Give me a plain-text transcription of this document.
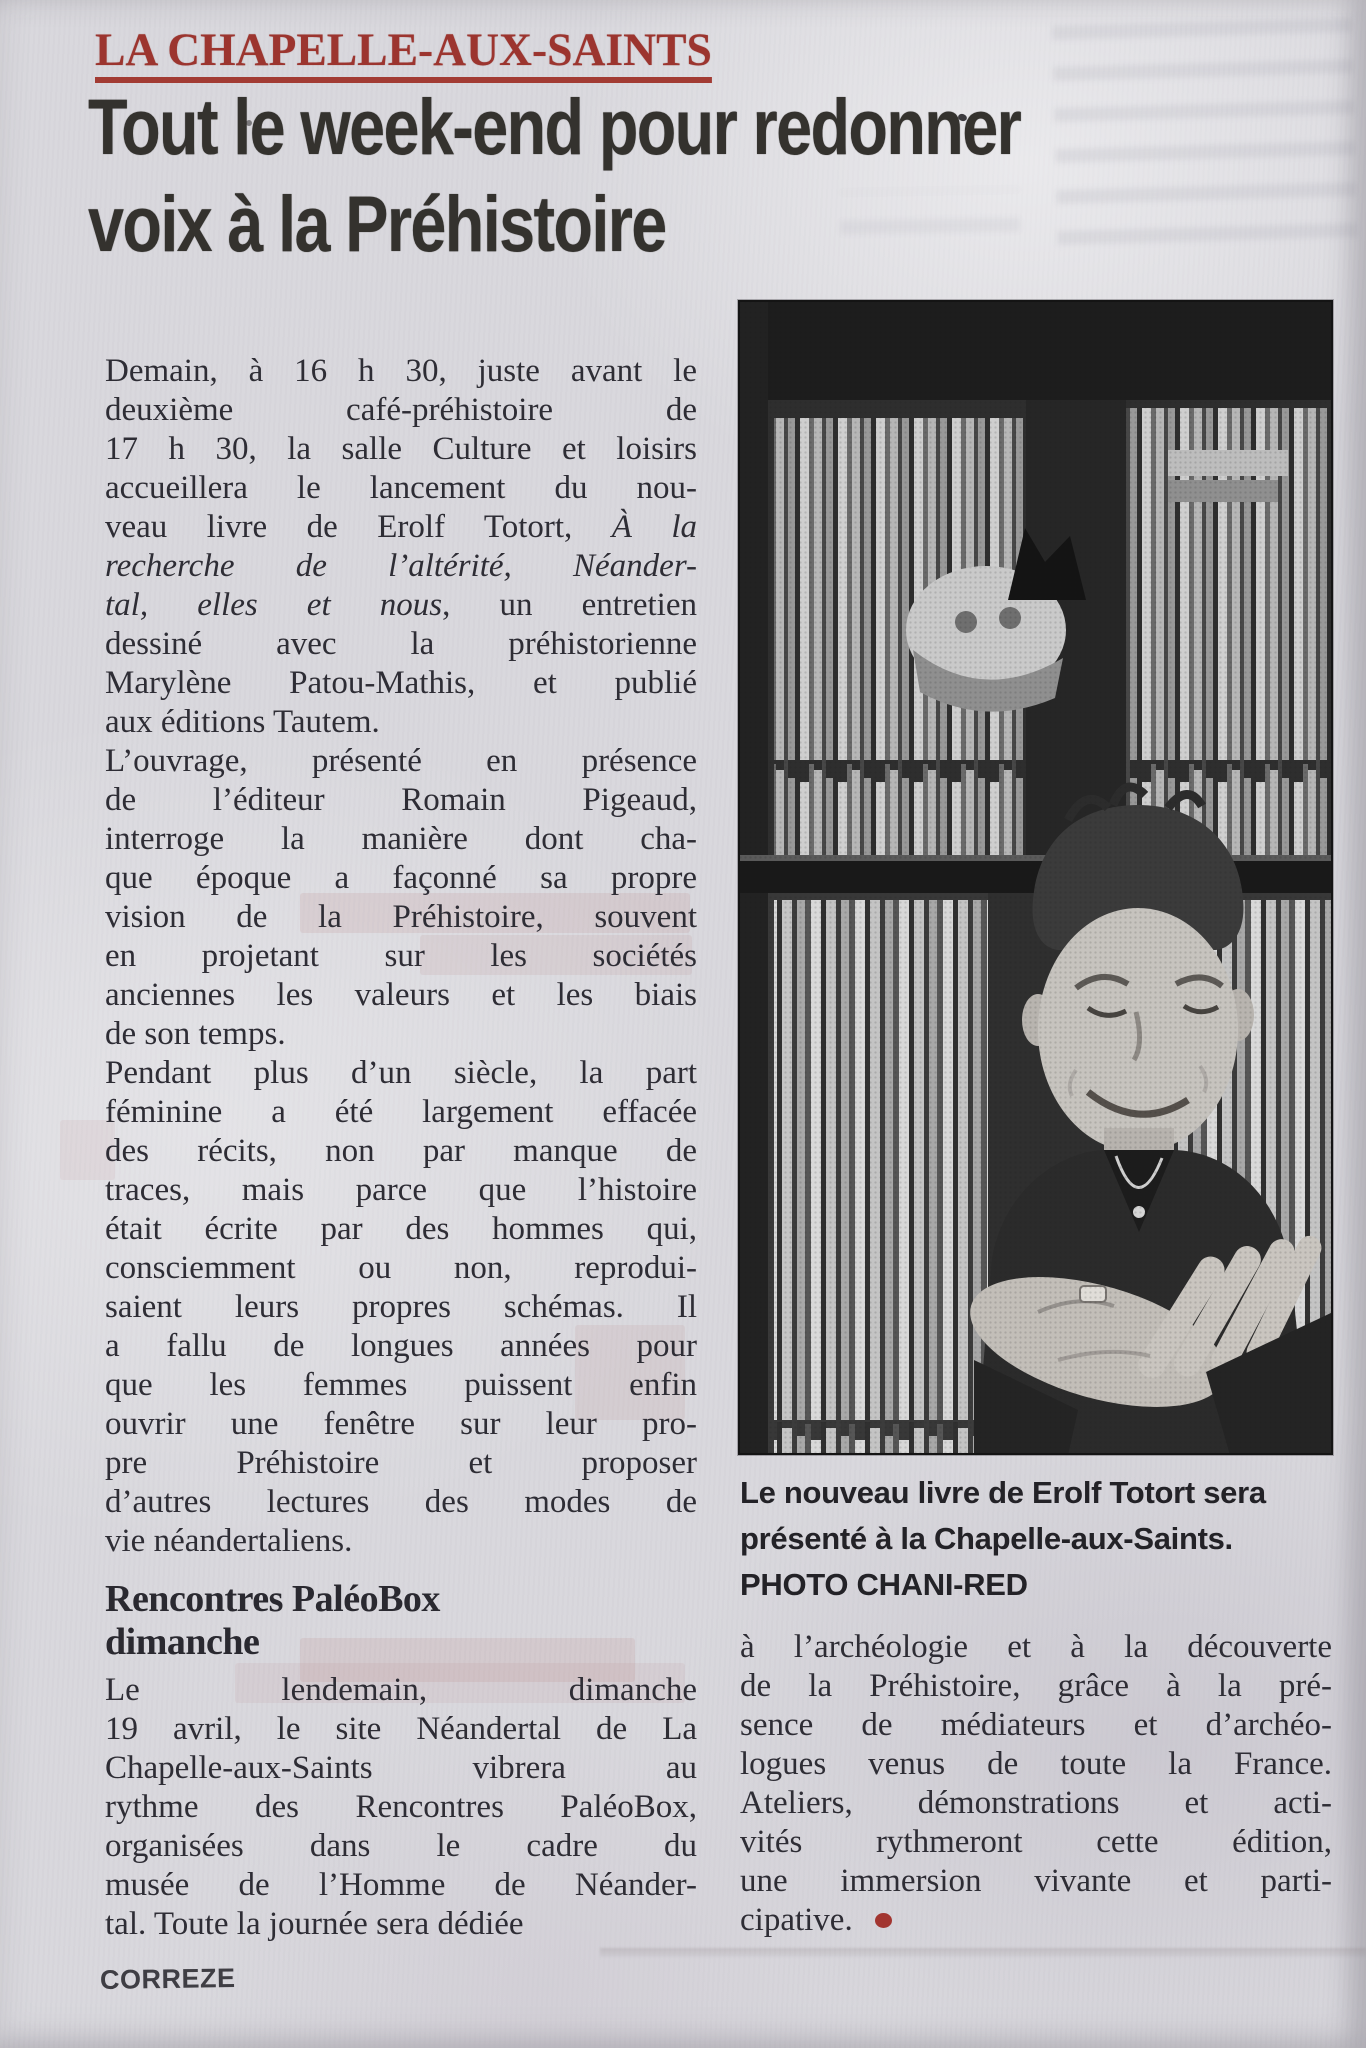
LA CHAPELLE-AUX-SAINTS
Tout le week-end pour redonner
voix à la Préhistoire
Demain, à 16 h 30, juste avant le
deuxième café-préhistoire de
17 h 30, la salle Culture et loisirs
accueillera le lancement du nou-
veau livre de Erolf Totort, À la
recherche de l’altérité, Néander-
tal, elles et nous, un entretien
dessiné avec la préhistorienne
Marylène Patou-Mathis, et publié
aux éditions Tautem.
L’ouvrage, présenté en présence
de l’éditeur Romain Pigeaud,
interroge la manière dont cha-
que époque a façonné sa propre
vision de la Préhistoire, souvent
en projetant sur les sociétés
anciennes les valeurs et les biais
de son temps.
Pendant plus d’un siècle, la part
féminine a été largement effacée
des récits, non par manque de
traces, mais parce que l’histoire
était écrite par des hommes qui,
consciemment ou non, reprodui-
saient leurs propres schémas. Il
a fallu de longues années pour
que les femmes puissent enfin
ouvrir une fenêtre sur leur pro-
pre Préhistoire et proposer
d’autres lectures des modes de
vie néandertaliens.
Rencontres PaléoBox
dimanche
Le lendemain, dimanche
19 avril, le site Néandertal de La
Chapelle-aux-Saints vibrera au
rythme des Rencontres PaléoBox,
organisées dans le cadre du
musée de l’Homme de Néander-
tal. Toute la journée sera dédiée
Le nouveau livre de Erolf Totort sera
présenté à la Chapelle-aux-Saints.
PHOTO CHANI-RED
à l’archéologie et à la découverte
de la Préhistoire, grâce à la pré-
sence de médiateurs et d’archéo-
logues venus de toute la France.
Ateliers, démonstrations et acti-
vités rythmeront cette édition,
une immersion vivante et parti-
cipative.
CORREZE
